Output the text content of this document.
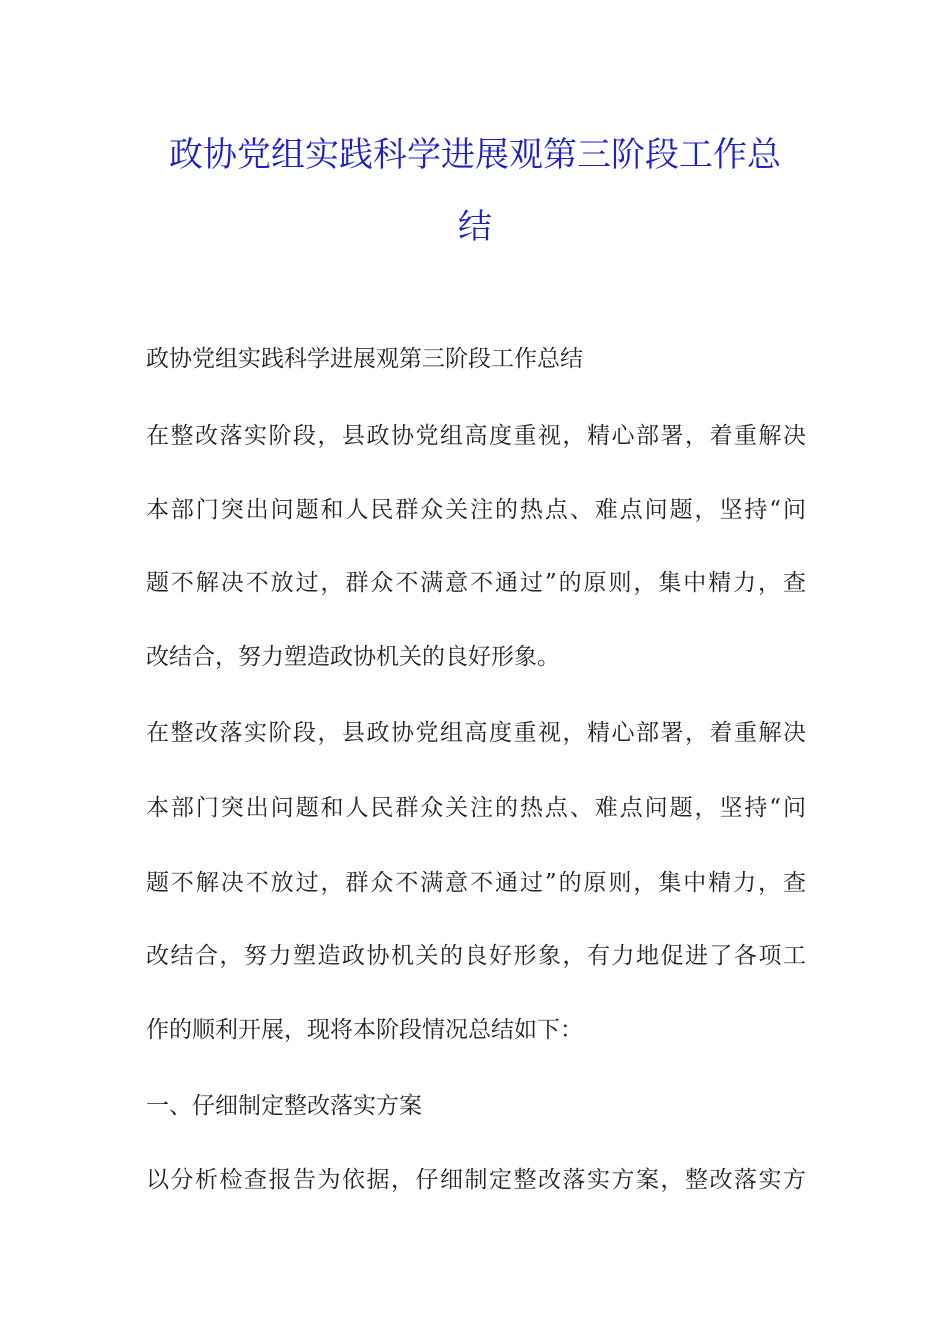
政协党组实践科学进展观第三阶段工作总
结
政协党组实践科学进展观第三阶段工作总结
在整改落实阶段，县政协党组高度重视，精心部署，着重解决
本部门突出问题和人民群众关注的热点、难点问题，坚持“问
题不解决不放过，群众不满意不通过”的原则，集中精力，查
改结合，努力塑造政协机关的良好形象。
在整改落实阶段，县政协党组高度重视，精心部署，着重解决
本部门突出问题和人民群众关注的热点、难点问题，坚持“问
题不解决不放过，群众不满意不通过”的原则，集中精力，查
改结合，努力塑造政协机关的良好形象，有力地促进了各项工
作的顺利开展，现将本阶段情况总结如下：
一、仔细制定整改落实方案
以分析检查报告为依据，仔细制定整改落实方案，整改落实方
